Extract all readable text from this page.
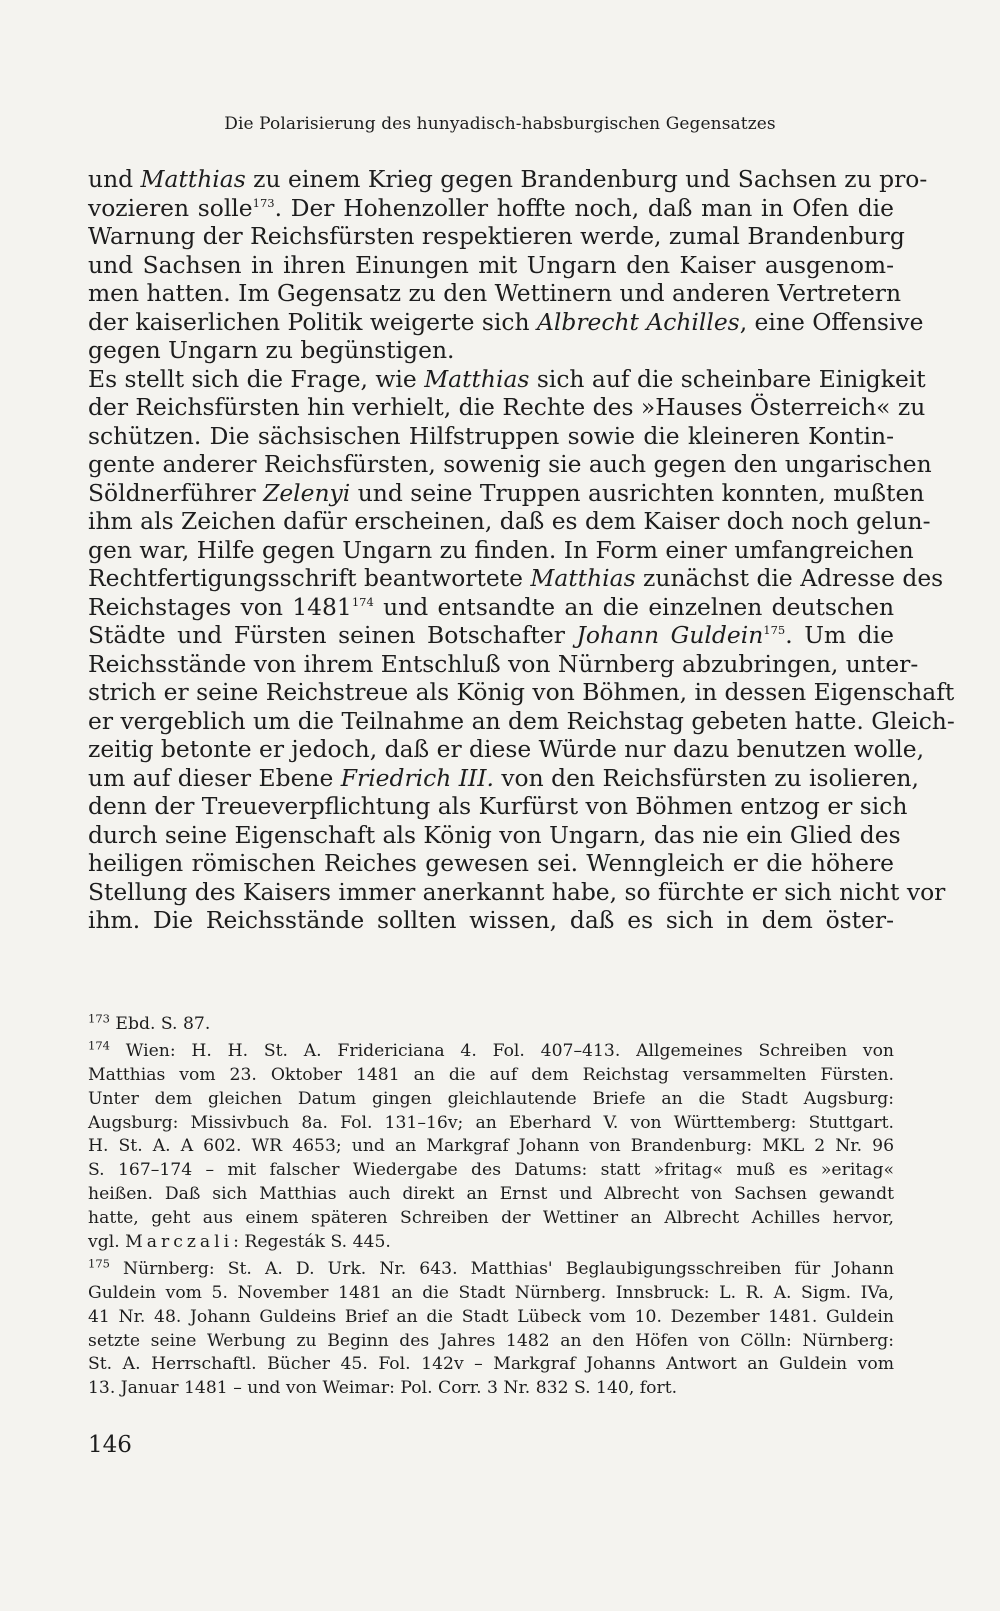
Die Polarisierung des hunyadisch-habsburgischen Gegensatzes
und Matthias zu einem Krieg gegen Brandenburg und Sachsen zu pro-
vozieren solle$^{173}$. Der Hohenzoller hoffte noch, daß man in Ofen die
Warnung der Reichsfürsten respektieren werde, zumal Brandenburg
und Sachsen in ihren Einungen mit Ungarn den Kaiser ausgenom-
men hatten. Im Gegensatz zu den Wettinern und anderen Vertretern
der kaiserlichen Politik weigerte sich Albrecht Achilles, eine Offensive
gegen Ungarn zu begünstigen.
Es stellt sich die Frage, wie Matthias sich auf die scheinbare Einigkeit
der Reichsfürsten hin verhielt, die Rechte des »Hauses Österreich« zu
schützen. Die sächsischen Hilfstruppen sowie die kleineren Kontin-
gente anderer Reichsfürsten, sowenig sie auch gegen den ungarischen
Söldnerführer Zelenyi und seine Truppen ausrichten konnten, mußten
ihm als Zeichen dafür erscheinen, daß es dem Kaiser doch noch gelun-
gen war, Hilfe gegen Ungarn zu finden. In Form einer umfangreichen
Rechtfertigungsschrift beantwortete Matthias zunächst die Adresse des
Reichstages von 1481$^{174}$ und entsandte an die einzelnen deutschen
Städte und Fürsten seinen Botschafter Johann Guldein$^{175}$. Um die
Reichsstände von ihrem Entschluß von Nürnberg abzubringen, unter-
strich er seine Reichstreue als König von Böhmen, in dessen Eigenschaft
er vergeblich um die Teilnahme an dem Reichstag gebeten hatte. Gleich-
zeitig betonte er jedoch, daß er diese Würde nur dazu benutzen wolle,
um auf dieser Ebene Friedrich III. von den Reichsfürsten zu isolieren,
denn der Treueverpflichtung als Kurfürst von Böhmen entzog er sich
durch seine Eigenschaft als König von Ungarn, das nie ein Glied des
heiligen römischen Reiches gewesen sei. Wenngleich er die höhere
Stellung des Kaisers immer anerkannt habe, so fürchte er sich nicht vor
ihm. Die Reichsstände sollten wissen, daß es sich in dem öster-
$^{173}$ Ebd. S. 87.
$^{174}$ Wien: H. H. St. A. Fridericiana 4. Fol. 407–413. Allgemeines Schreiben von
Matthias vom 23. Oktober 1481 an die auf dem Reichstag versammelten Fürsten.
Unter dem gleichen Datum gingen gleichlautende Briefe an die Stadt Augsburg:
Augsburg: Missivbuch 8a. Fol. 131–16v; an Eberhard V. von Württemberg: Stuttgart.
H. St. A. A 602. WR 4653; und an Markgraf Johann von Brandenburg: MKL 2 Nr. 96
S. 167–174 – mit falscher Wiedergabe des Datums: statt »fritag« muß es »eritag«
heißen. Daß sich Matthias auch direkt an Ernst und Albrecht von Sachsen gewandt
hatte, geht aus einem späteren Schreiben der Wettiner an Albrecht Achilles hervor,
vgl. Marczali: Regesták S. 445.
$^{175}$ Nürnberg: St. A. D. Urk. Nr. 643. Matthias' Beglaubigungsschreiben für Johann
Guldein vom 5. November 1481 an die Stadt Nürnberg. Innsbruck: L. R. A. Sigm. IVa,
41 Nr. 48. Johann Guldeins Brief an die Stadt Lübeck vom 10. Dezember 1481. Guldein
setzte seine Werbung zu Beginn des Jahres 1482 an den Höfen von Cölln: Nürnberg:
St. A. Herrschaftl. Bücher 45. Fol. 142v – Markgraf Johanns Antwort an Guldein vom
13. Januar 1481 – und von Weimar: Pol. Corr. 3 Nr. 832 S. 140, fort.
146
